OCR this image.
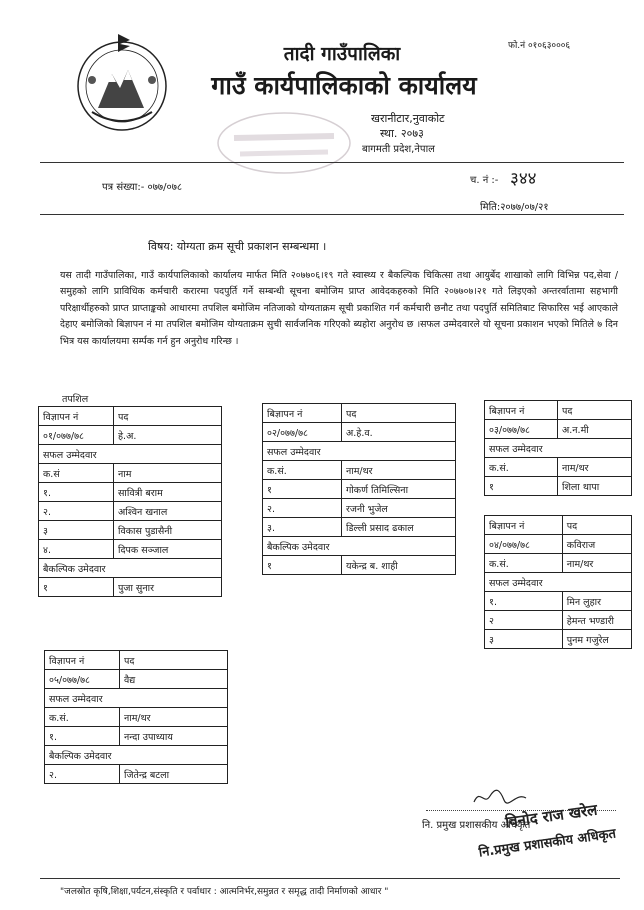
फो.नं ०१०६३०००६
तादी गाउँपालिका
गाउँ कार्यपालिकाको कार्यालय
खरानीटार,नुवाकोट
स्था. २०७३
बागमती प्रदेश,नेपाल
पत्र संख्या:- ०७७/०७८
च. नं :- ३४४
मिति:२०७७/०७/२१
विषय: योग्यता क्रम सूची प्रकाशन सम्बन्धमा ।
यस तादी गाउँपालिका, गाउँ कार्यपालिकाको कार्यालय मार्फत मिति २०७७०६।१९ गते स्वास्थ्य र बैकल्पिक चिकित्सा तथा आयुर्बेद शाखाको लागि विभिन्न पद,सेवा /समुहको लागि प्राविधिक कर्मचारी करारमा पदपुर्ति गर्ने सम्बन्धी सूचना बमोजिम प्राप्त आवेदकहरुको मिति २०७७०७।२१ गते लिइएको अन्तरर्वातामा सहभागी परिक्षार्थीहरुको प्राप्त प्राप्ताङ्कको आधारमा तपशिल बमोजिम नतिजाको योग्यताक्रम सूची प्रकाशित गर्न कर्मचारी छनौट तथा पदपुर्ति समितिबाट सिफारिस भई आएकाले देहाए बमोजिको बिज्ञापन नं मा तपशिल बमोजिम योग्यताक्रम सुची सार्वजनिक गरिएको ब्यहोरा अनुरोध छ ।सफल उम्मेदवारले यो सूचना प्रकाशन भएको मितिले ७ दिन भित्र यस कार्यालयमा सर्म्पक गर्न हुन अनुरोध गरिन्छ ।
तपशिल
विज्ञापन नं	पद
०१/०७७/७८	हे.अ.
सफल उम्मेदवार	
क.सं	नाम
१.	सावित्री बराम
२.	अश्विन खनाल
३	विकास पुडासैनी
४.	दिपक सञ्जाल
बैकल्पिक उमेदवार	
१	पुजा सुनार
बिज्ञापन नं	पद
०२/०७७/७८	अ.हे.व.
सफल उम्मेदवार	
क.सं.	नाम/थर
१	गोकर्ण तिमिल्सिना
२.	रजनी भुजेल
३.	डिल्ली प्रसाद ढकाल
बैकल्पिक उमेदवार	
१	यकेन्द्र ब. शाही
बिज्ञापन नं	पद
०३/०७७/७८	अ.न.मी
सफल उम्मेदवार	
क.सं.	नाम/थर
१	शिला थापा
बिज्ञापन नं	पद
०४/०७७/७८	कविराज
क.सं.	नाम/थर
सफल उम्मेदवार	
१.	मिन लुहार
२	हेमन्त भण्डारी
३	पुनम गजुरेल
विज्ञापन नं	पद
०५/०७७/७८	वैद्य
सफल उम्मेदवार	
क.सं.	नाम/थर
१.	नन्दा उपाध्याय
बैकल्पिक उमेदवार	
२.	जितेन्द्र बटला
नि. प्रमुख प्रशासकीय अधिकृत
विनोद राज खरेल
नि.प्रमुख प्रशासकीय अधिकृत
"जलस्रोत कृषि,शिक्षा,पर्यटन,संस्कृति र पर्वाधार : आत्मनिर्भर,समुन्नत र समृद्ध तादी निर्माणको आधार "
